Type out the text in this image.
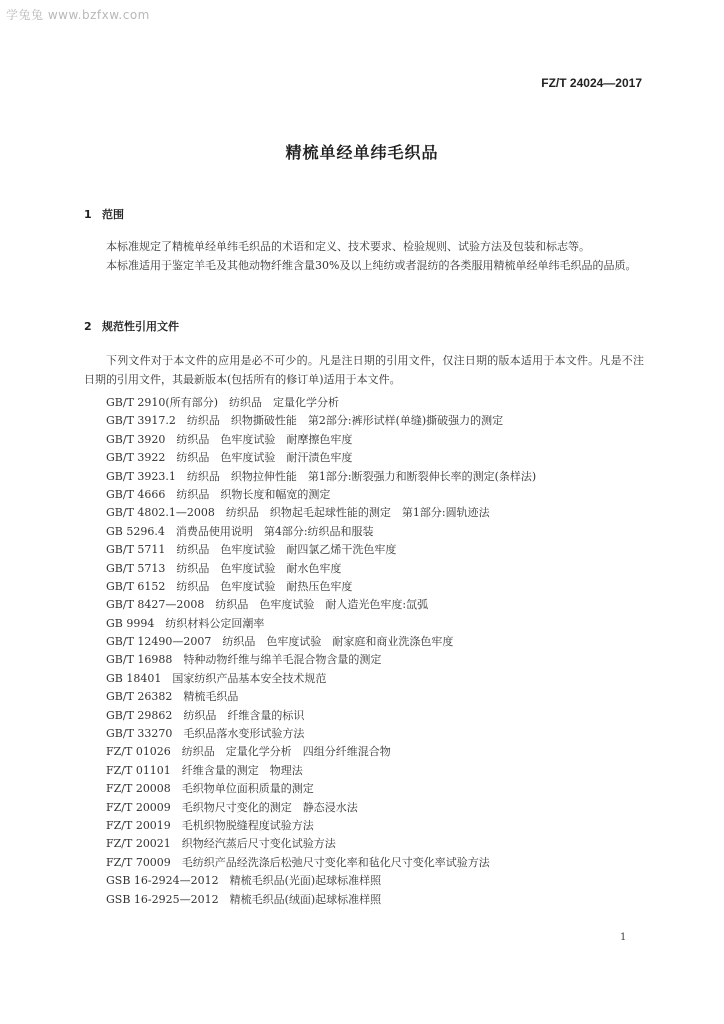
学兔兔 www.bzfxw.com
FZ/T 24024—2017
精梳单经单纬毛织品
1 范围
本标准规定了精梳单经单纬毛织品的术语和定义、技术要求、检验规则、试验方法及包装和标志等。
本标准适用于鉴定羊毛及其他动物纤维含量30%及以上纯纺或者混纺的各类服用精梳单经单纬毛织品的品质。
2 规范性引用文件
下列文件对于本文件的应用是必不可少的。凡是注日期的引用文件，仅注日期的版本适用于本文件。凡是不注日期的引用文件，其最新版本(包括所有的修订单)适用于本文件。
GB/T 2910(所有部分)　纺织品　定量化学分析
GB/T 3917.2　纺织品　织物撕破性能　第2部分:裤形试样(单缝)撕破强力的测定
GB/T 3920　纺织品　色牢度试验　耐摩擦色牢度
GB/T 3922　纺织品　色牢度试验　耐汗渍色牢度
GB/T 3923.1　纺织品　织物拉伸性能　第1部分:断裂强力和断裂伸长率的测定(条样法)
GB/T 4666　纺织品　织物长度和幅宽的测定
GB/T 4802.1—2008　纺织品　织物起毛起球性能的测定　第1部分:圆轨迹法
GB 5296.4　消费品使用说明　第4部分:纺织品和服装
GB/T 5711　纺织品　色牢度试验　耐四氯乙烯干洗色牢度
GB/T 5713　纺织品　色牢度试验　耐水色牢度
GB/T 6152　纺织品　色牢度试验　耐热压色牢度
GB/T 8427—2008　纺织品　色牢度试验　耐人造光色牢度:氙弧
GB 9994　纺织材料公定回潮率
GB/T 12490—2007　纺织品　色牢度试验　耐家庭和商业洗涤色牢度
GB/T 16988　特种动物纤维与绵羊毛混合物含量的测定
GB 18401　国家纺织产品基本安全技术规范
GB/T 26382　精梳毛织品
GB/T 29862　纺织品　纤维含量的标识
GB/T 33270　毛织品落水变形试验方法
FZ/T 01026　纺织品　定量化学分析　四组分纤维混合物
FZ/T 01101　纤维含量的测定　物理法
FZ/T 20008　毛织物单位面积质量的测定
FZ/T 20009　毛织物尺寸变化的测定　静态浸水法
FZ/T 20019　毛机织物脱缝程度试验方法
FZ/T 20021　织物经汽蒸后尺寸变化试验方法
FZ/T 70009　毛纺织产品经洗涤后松弛尺寸变化率和毡化尺寸变化率试验方法
GSB 16-2924—2012　精梳毛织品(光面)起球标准样照
GSB 16-2925—2012　精梳毛织品(绒面)起球标准样照
1
